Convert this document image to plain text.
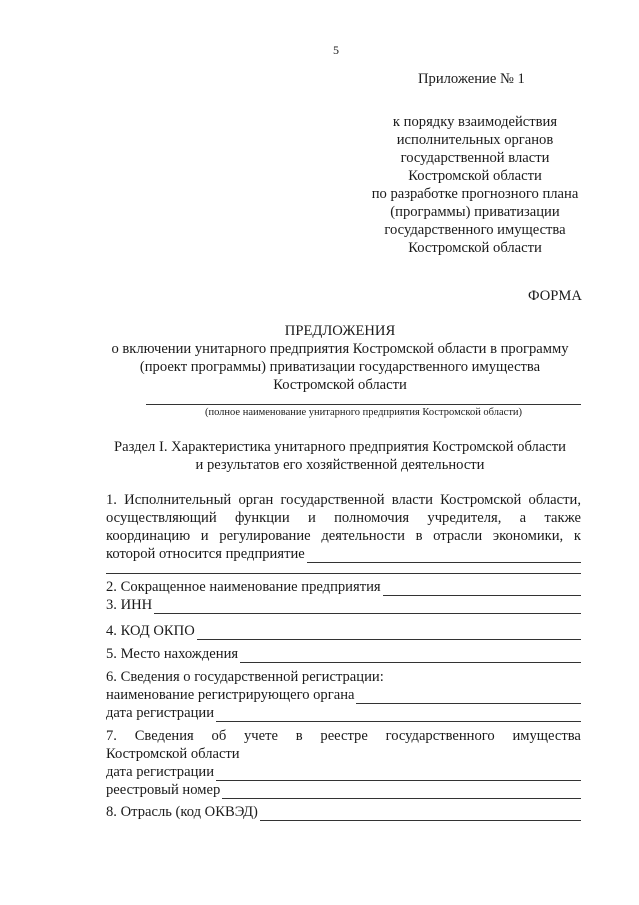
5
Приложение № 1
к порядку взаимодействия
исполнительных органов
государственной власти
Костромской области
по разработке прогнозного плана
(программы) приватизации
государственного имущества
Костромской области
ФОРМА
ПРЕДЛОЖЕНИЯ
о включении унитарного предприятия Костромской области в программу
(проект программы) приватизации государственного имущества
Костромской области
(полное наименование унитарного предприятия Костромской области)
Раздел I. Характеристика унитарного предприятия Костромской области
и результатов его хозяйственной деятельности
1. Исполнительный орган государственной власти Костромской области,
осуществляющий функции и полномочия учредителя, а также
координацию и регулирование деятельности в отрасли экономики, к
которой относится предприятие
2. Сокращенное наименование предприятия
3. ИНН
4. КОД ОКПО
5. Место нахождения
6. Сведения о государственной регистрации:
наименование регистрирующего органа
дата регистрации
7. Сведения об учете в реестре государственного имущества
Костромской области
дата регистрации
реестровый номер
8. Отрасль (код ОКВЭД)
